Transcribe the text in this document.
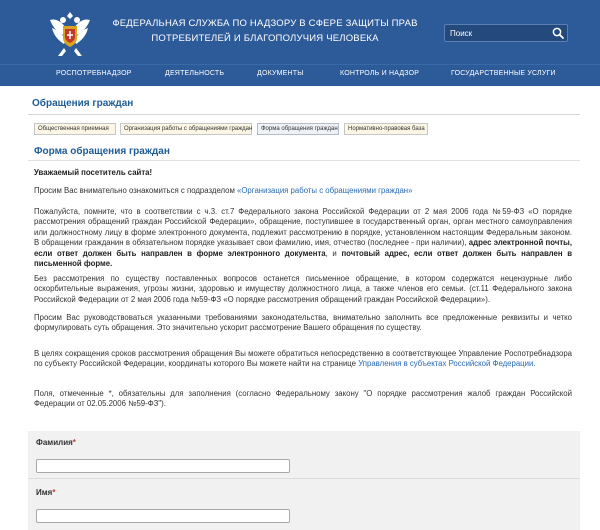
ФЕДЕРАЛЬНАЯ СЛУЖБА ПО НАДЗОРУ В СФЕРЕ ЗАЩИТЫ ПРАВ
ПОТРЕБИТЕЛЕЙ И БЛАГОПОЛУЧИЯ ЧЕЛОВЕКА
Поиск
РОСПОТРЕБНАДЗОР	ДЕЯТЕЛЬНОСТЬ	ДОКУМЕНТЫ	КОНТРОЛЬ И НАДЗОР	ГОСУДАРСТВЕННЫЕ УСЛУГИ
Обращения граждан
Общественная приемная	Организация работы с обращениями граждан	Форма обращения граждан	Нормативно-правовая база
Форма обращения граждан
Уважаемый посетитель сайта!
Просим Вас внимательно ознакомиться с подразделом «Организация работы с обращениями граждан»
Пожалуйста, помните, что в соответствии с ч.3. ст.7 Федерального закона Российской Федерации от 2 мая 2006 года №59-ФЗ «О порядке рассмотрения обращений граждан Российской Федерации», обращение, поступившее в государственный орган, орган местного самоуправления или должностному лицу в форме электронного документа, подлежит рассмотрению в порядке, установленном настоящим Федеральным законом. В обращении гражданин в обязательном порядке указывает свои фамилию, имя, отчество (последнее - при наличии), адрес электронной почты, если ответ должен быть направлен в форме электронного документа, и почтовый адрес, если ответ должен быть направлен в письменной форме.
Без рассмотрения по существу поставленных вопросов останется письменное обращение, в котором содержатся нецензурные либо оскорбительные выражения, угрозы жизни, здоровью и имуществу должностного лица, а также членов его семьи. (ст.11 Федерального закона Российской Федерации от 2 мая 2006 года №59-ФЗ «О порядке рассмотрения обращений граждан Российской Федерации»).
Просим Вас руководствоваться указанными требованиями законодательства, внимательно заполнить все предложенные реквизиты и четко формулировать суть обращения. Это значительно ускорит рассмотрение Вашего обращения по существу.
В целях сокращения сроков рассмотрения обращения Вы можете обратиться непосредственно в соответствующее Управление Роспотребнадзора по субъекту Российской Федерации, координаты которого Вы можете найти на странице Управления в субъектах Российской Федерации.
Поля, отмеченные *, обязательны для заполнения (согласно Федеральному закону "О порядке рассмотрения жалоб граждан Российской Федерации от 02.05.2006 №59-ФЗ").
Фамилия*
Имя*
